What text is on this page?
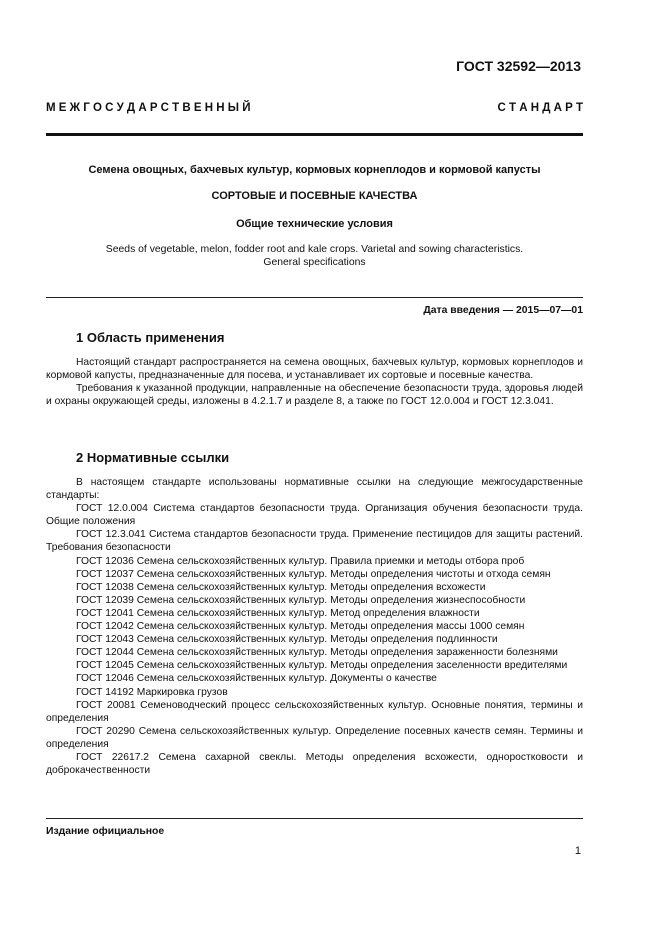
ГОСТ 32592—2013
М Е Ж Г О С У Д А Р С Т В Е Н Н Ы Й	С Т А Н Д А Р Т
Семена овощных, бахчевых культур, кормовых корнеплодов и кормовой капусты
СОРТОВЫЕ И ПОСЕВНЫЕ КАЧЕСТВА
Общие технические условия
Seeds of vegetable, melon, fodder root and kale crops. Varietal and sowing characteristics.
General specifications
Дата введения — 2015—07—01
1 Область применения

Настоящий стандарт распространяется на семена овощных, бахчевых культур, кормовых корнеплодов и кормовой капусты, предназначенные для посева, и устанавливает их сортовые и посевные качества.

Требования к указанной продукции, направленные на обеспечение безопасности труда, здоровья людей и охраны окружающей среды, изложены в 4.2.1.7 и разделе 8, а также по ГОСТ 12.0.004 и ГОСТ 12.3.041.

2 Нормативные ссылки

В настоящем стандарте использованы нормативные ссылки на следующие межгосударственные стандарты:

ГОСТ 12.0.004 Система стандартов безопасности труда. Организация обучения безопасности труда. Общие положения

ГОСТ 12.3.041 Система стандартов безопасности труда. Применение пестицидов для защиты растений. Требования безопасности

ГОСТ 12036 Семена сельскохозяйственных культур. Правила приемки и методы отбора проб

ГОСТ 12037 Семена сельскохозяйственных культур. Методы определения чистоты и отхода семян

ГОСТ 12038 Семена сельскохозяйственных культур. Методы определения всхожести

ГОСТ 12039 Семена сельскохозяйственных культур. Методы определения жизнеспособности

ГОСТ 12041 Семена сельскохозяйственных культур. Метод определения влажности

ГОСТ 12042 Семена сельскохозяйственных культур. Методы определения массы 1000 семян

ГОСТ 12043 Семена сельскохозяйственных культур. Методы определения подлинности

ГОСТ 12044 Семена сельскохозяйственных культур. Методы определения зараженности болезнями

ГОСТ 12045 Семена сельскохозяйственных культур. Методы определения заселенности вредителями

ГОСТ 12046 Семена сельскохозяйственных культур. Документы о качестве

ГОСТ 14192 Маркировка грузов

ГОСТ 20081 Семеноводческий процесс сельскохозяйственных культур. Основные понятия, термины и определения

ГОСТ 20290 Семена сельскохозяйственных культур. Определение посевных качеств семян. Термины и определения

ГОСТ 22617.2 Семена сахарной свеклы. Методы определения всхожести, одноростковости и доброкачественности

Издание официальное
1
